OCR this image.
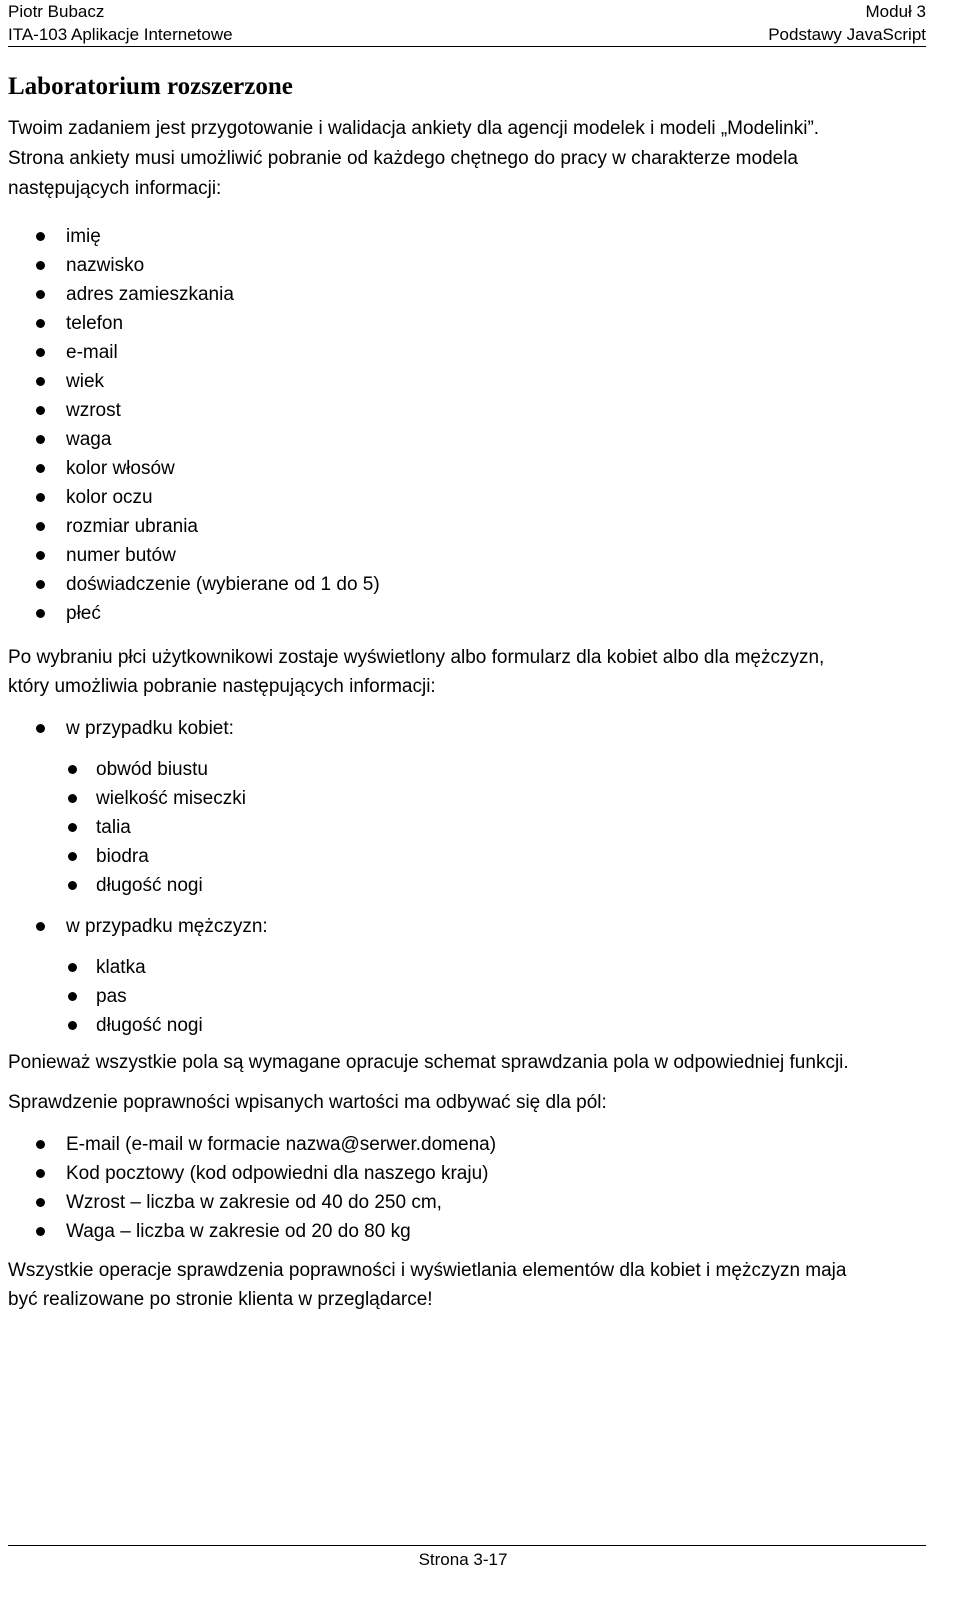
Piotr Bubacz
ITA-103 Aplikacje Internetowe
Moduł 3
Podstawy JavaScript
Laboratorium rozszerzone
Twoim zadaniem jest przygotowanie i walidacja ankiety dla agencji modelek i modeli „Modelinki”.
Strona ankiety musi umożliwić pobranie od każdego chętnego do pracy w charakterze modela
następujących informacji:
imię
nazwisko
adres zamieszkania
telefon
e-mail
wiek
wzrost
waga
kolor włosów
kolor oczu
rozmiar ubrania
numer butów
doświadczenie (wybierane od 1 do 5)
płeć

Po wybraniu płci użytkownikowi zostaje wyświetlony albo formularz dla kobiet albo dla mężczyzn,
który umożliwia pobranie następujących informacji:

w przypadku kobiet:
obwód biustu
wielkość miseczki
talia
biodra
długość nogi
w przypadku mężczyzn:
klatka
pas
długość nogi

Ponieważ wszystkie pola są wymagane opracuje schemat sprawdzania pola w odpowiedniej funkcji.

Sprawdzenie poprawności wpisanych wartości ma odbywać się dla pól:

E-mail (e-mail w formacie nazwa@serwer.domena)
Kod pocztowy (kod odpowiedni dla naszego kraju)
Wzrost – liczba w zakresie od 40 do 250 cm,
Waga – liczba w zakresie od 20 do 80 kg

Wszystkie operacje sprawdzenia poprawności i wyświetlania elementów dla kobiet i mężczyzn maja
być realizowane po stronie klienta w przeglądarce!

Strona 3-17
